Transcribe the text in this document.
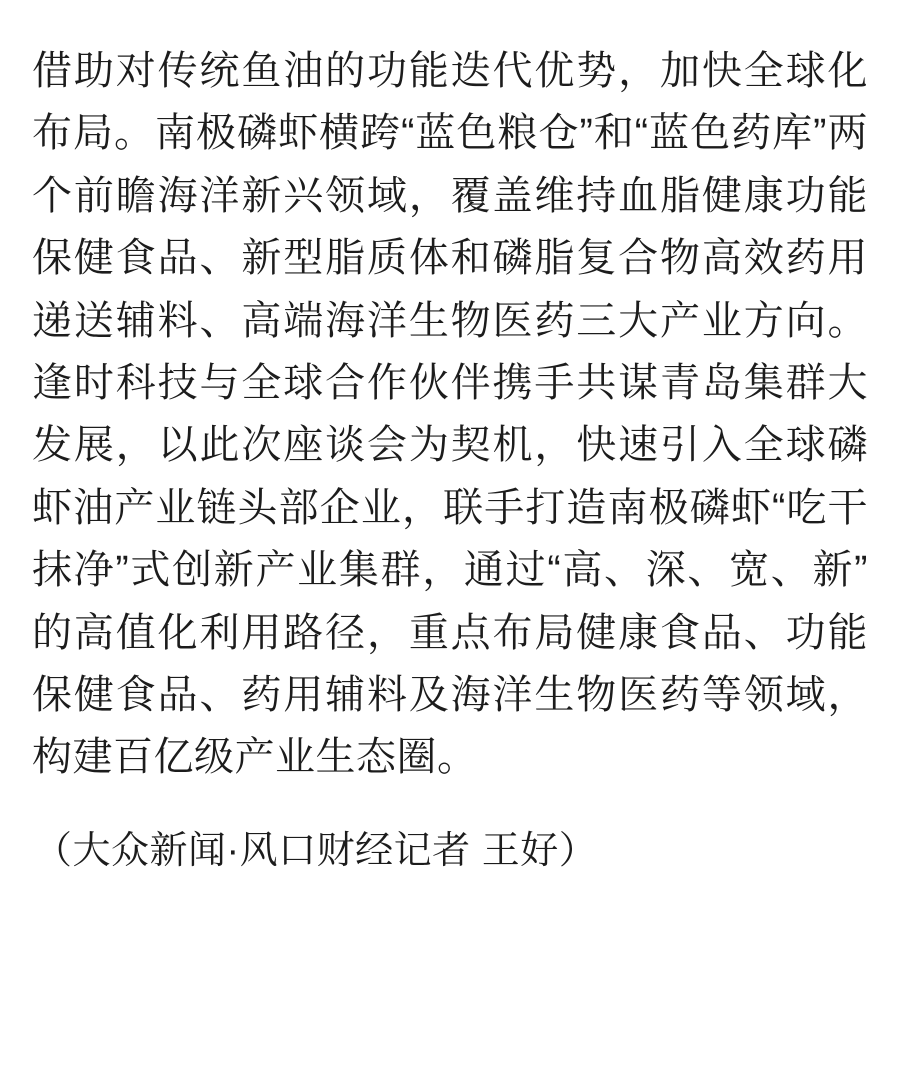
借助对传统鱼油的功能迭代优势，加快全球化布局。南极磷虾横跨“蓝色粮仓”和“蓝色药库”两个前瞻海洋新兴领域，覆盖维持血脂健康功能保健食品、新型脂质体和磷脂复合物高效药用递送辅料、高端海洋生物医药三大产业方向。逢时科技与全球合作伙伴携手共谋青岛集群大发展，以此次座谈会为契机，快速引入全球磷虾油产业链头部企业，联手打造南极磷虾“吃干抹净”式创新产业集群，通过“高、深、宽、新”的高值化利用路径，重点布局健康食品、功能保健食品、药用辅料及海洋生物医药等领域，构建百亿级产业生态圈。

（大众新闻·风口财经记者 王好）
